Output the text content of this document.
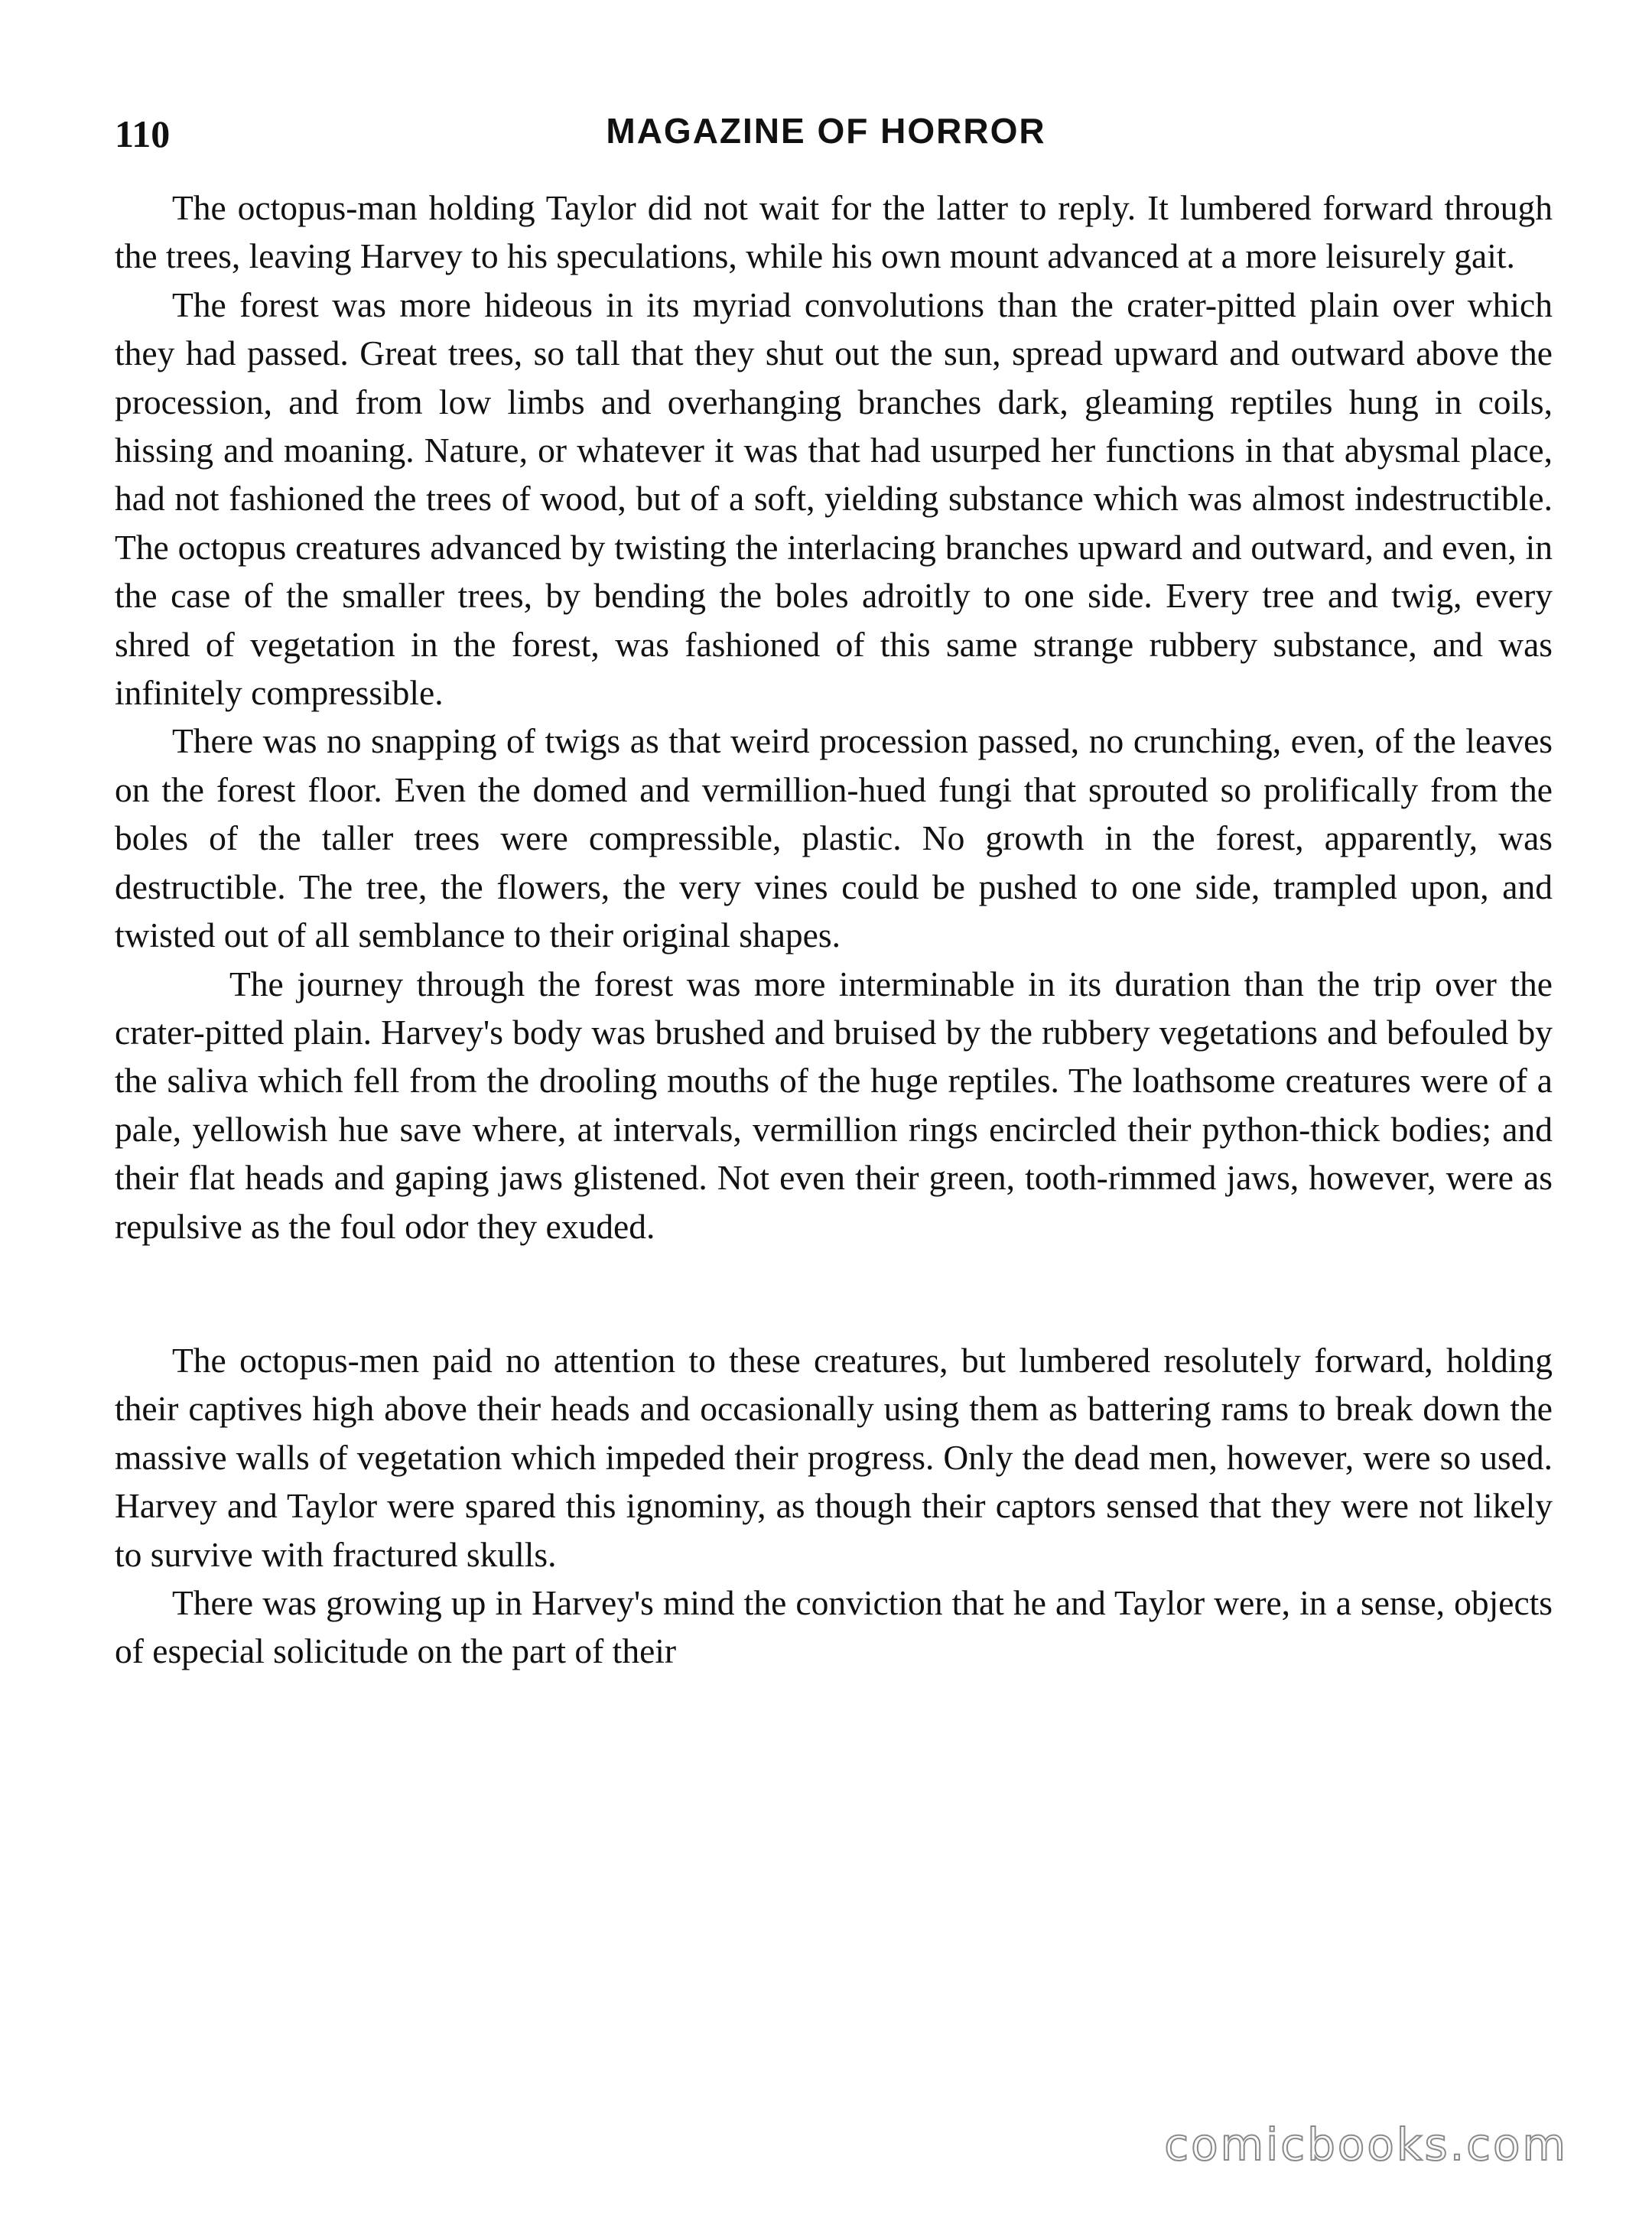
110	MAGAZINE OF HORROR

The octopus-man holding Taylor did not wait for the latter to reply. It lumbered forward through the trees, leaving Harvey to his speculations, while his own mount advanced at a more leisurely gait.

The forest was more hideous in its myriad convolutions than the crater-pitted plain over which they had passed. Great trees, so tall that they shut out the sun, spread upward and outward above the procession, and from low limbs and overhanging branches dark, gleaming reptiles hung in coils, hissing and moaning. Nature, or whatever it was that had usurped her functions in that abysmal place, had not fashioned the trees of wood, but of a soft, yielding substance which was almost indestructible. The octopus creatures advanced by twisting the interlacing branches upward and outward, and even, in the case of the smaller trees, by bending the boles adroitly to one side. Every tree and twig, every shred of vegetation in the forest, was fashioned of this same strange rubbery substance, and was infinitely compressible.

There was no snapping of twigs as that weird procession passed, no crunching, even, of the leaves on the forest floor. Even the domed and vermillion-hued fungi that sprouted so prolifically from the boles of the taller trees were compressible, plastic. No growth in the forest, apparently, was destructible. The tree, the flowers, the very vines could be pushed to one side, trampled upon, and twisted out of all semblance to their original shapes.

The journey through the forest was more interminable in its duration than the trip over the crater-pitted plain. Harvey's body was brushed and bruised by the rubbery vegetations and befouled by the saliva which fell from the drooling mouths of the huge reptiles. The loathsome creatures were of a pale, yellowish hue save where, at intervals, vermillion rings encircled their python-thick bodies; and their flat heads and gaping jaws glistened. Not even their green, tooth-rimmed jaws, however, were as repulsive as the foul odor they exuded.

The octopus-men paid no attention to these creatures, but lumbered resolutely forward, holding their captives high above their heads and occasionally using them as battering rams to break down the massive walls of vegetation which impeded their progress. Only the dead men, however, were so used. Harvey and Taylor were spared this ignominy, as though their captors sensed that they were not likely to survive with fractured skulls.

There was growing up in Harvey's mind the conviction that he and Taylor were, in a sense, objects of especial solicitude on the part of their

comicbooks.com
